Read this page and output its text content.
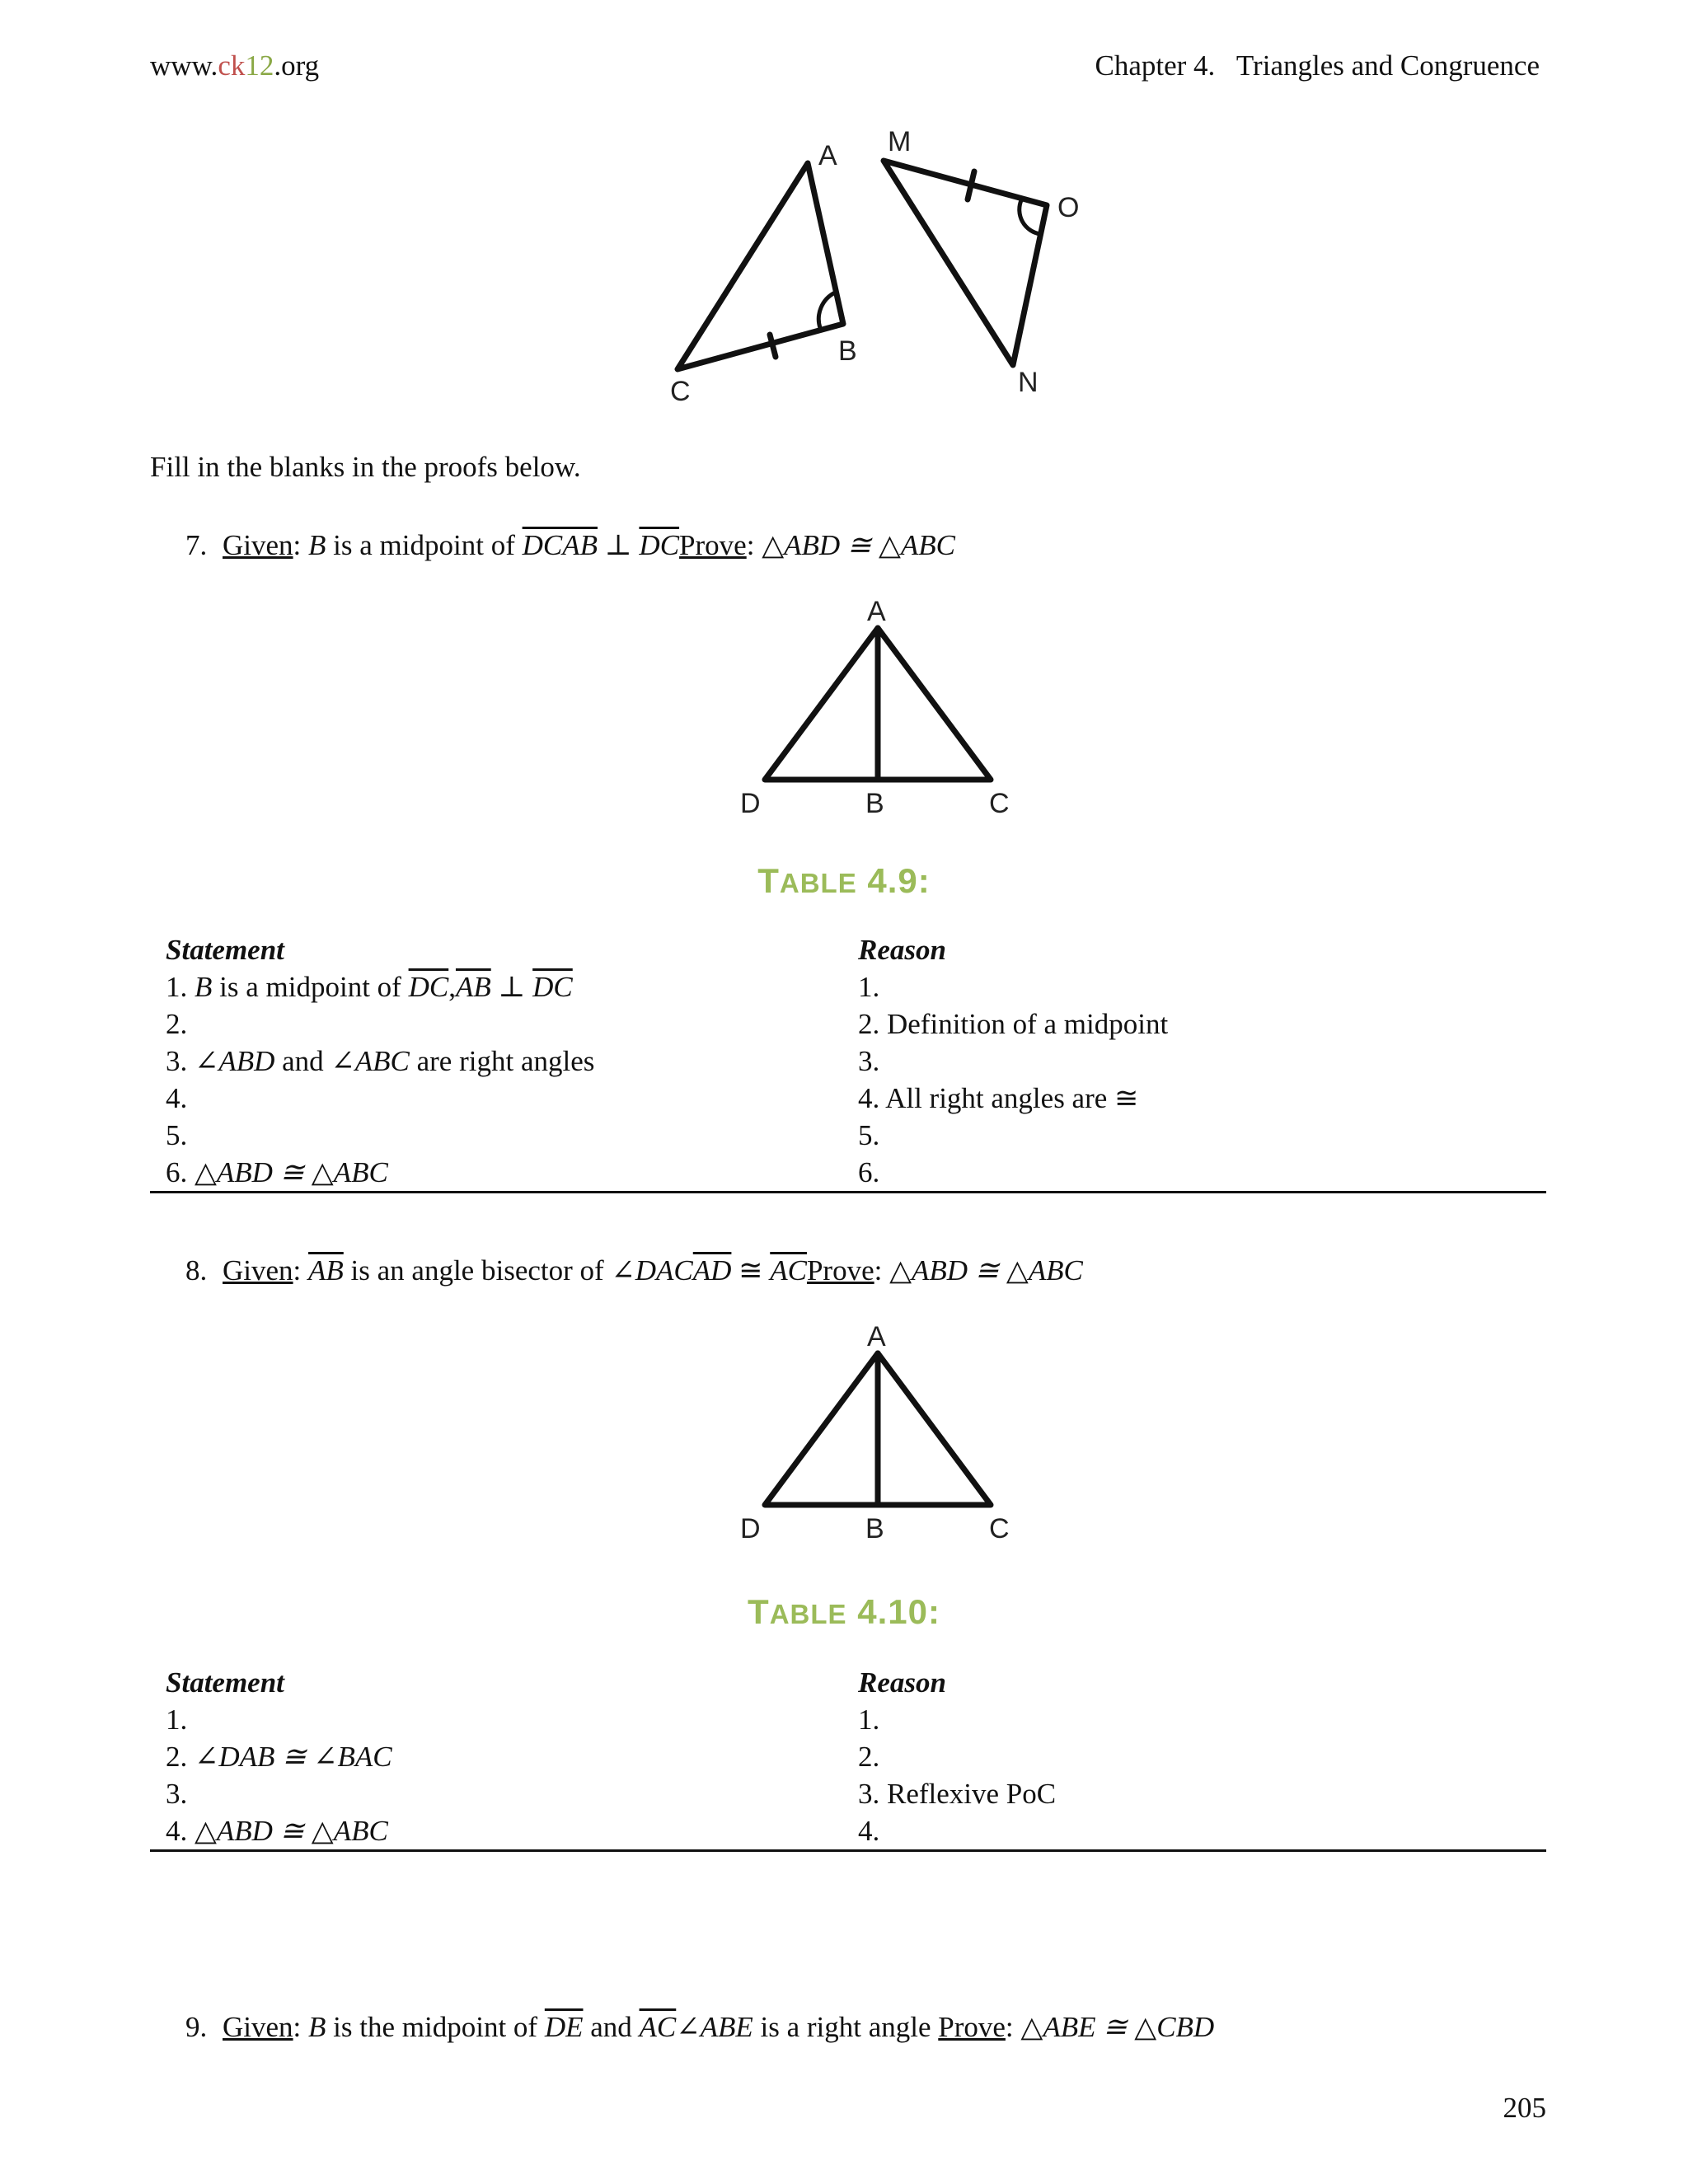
www.ck12.org	Chapter 4.   Triangles and Congruence
A
B
C
M
O
N
Fill in the blanks in the proofs below.
7. Given: B is a midpoint of DCAB ⊥ $\overline{DC}Prove$: △ABD ≅ △ABC
A
D	B	C
TABLE 4.9:
Statement	Reason
1. B is a midpoint of $\overline{DC},\overline{AB}$ ⊥ $\overline{DC}$	1.
2.	2. Definition of a midpoint
3. ∠ABD and ∠ABC are right angles	3.
4.	4. All right angles are ≅
5.	5.
6. △ABD ≅ △ABC	6.
8. Given: $\overline{AB}$ is an angle bisector of $\angle DAC\overline{AD}$ ≅ $\overline{AC}Prove$: △ABD ≅ △ABC
A
D	B	C
TABLE 4.10:
Statement	Reason
1.	1.
2. ∠DAB ≅ ∠BAC	2.
3.	3. Reflexive PoC
4. △ABD ≅ △ABC	4.
9. Given: B is the midpoint of $\overline{DE}$ and $\overline{AC}\angle ABE$ is a right angle Prove: △ABE ≅ △CBD
205
